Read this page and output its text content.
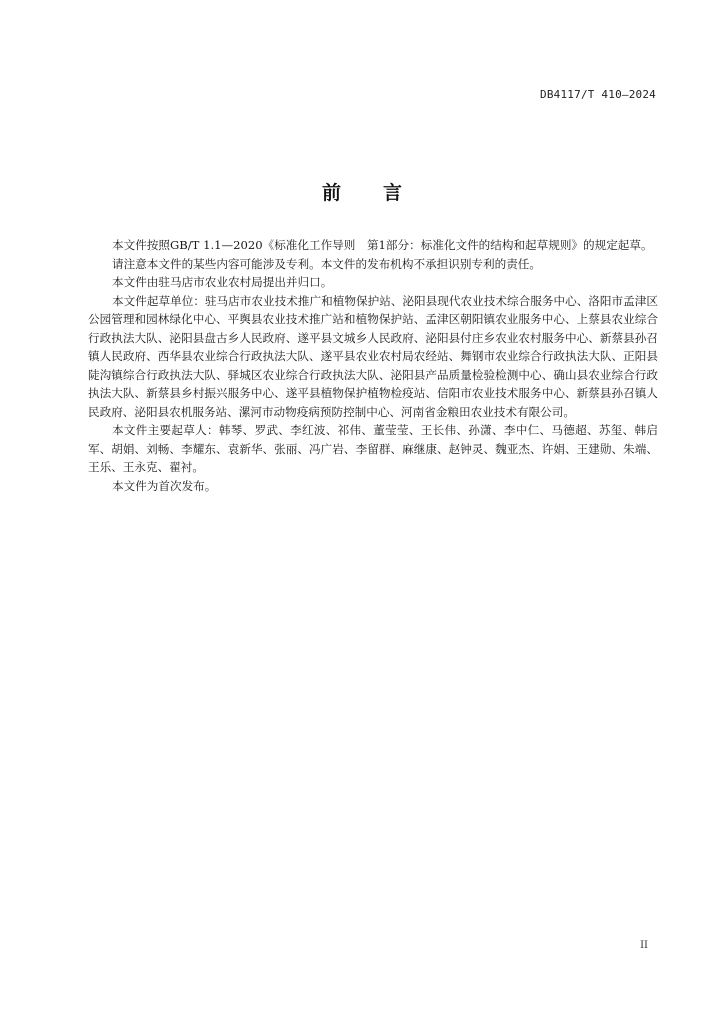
DB4117/T 410—2024
前言

本文件按照GB/T 1.1—2020《标准化工作导则　第1部分：标准化文件的结构和起草规则》的规定起草。

请注意本文件的某些内容可能涉及专利。本文件的发布机构不承担识别专利的责任。

本文件由驻马店市农业农村局提出并归口。

本文件起草单位：驻马店市农业技术推广和植物保护站、泌阳县现代农业技术综合服务中心、洛阳市孟津区公园管理和园林绿化中心、平舆县农业技术推广站和植物保护站、孟津区朝阳镇农业服务中心、上蔡县农业综合行政执法大队、泌阳县盘古乡人民政府、遂平县文城乡人民政府、泌阳县付庄乡农业农村服务中心、新蔡县孙召镇人民政府、西华县农业综合行政执法大队、遂平县农业农村局农经站、舞钢市农业综合行政执法大队、正阳县陡沟镇综合行政执法大队、驿城区农业综合行政执法大队、泌阳县产品质量检验检测中心、确山县农业综合行政执法大队、新蔡县乡村振兴服务中心、遂平县植物保护植物检疫站、信阳市农业技术服务中心、新蔡县孙召镇人民政府、泌阳县农机服务站、漯河市动物疫病预防控制中心、河南省金粮田农业技术有限公司。

本文件主要起草人：韩琴、罗武、李红波、祁伟、董莹莹、王长伟、孙潇、李中仁、马德超、苏玺、韩启军、胡娟、刘畅、李耀东、袁新华、张丽、冯广岩、李留群、麻继康、赵钟灵、魏亚杰、许娟、王建勋、朱端、王乐、王永克、翟衬。

本文件为首次发布。

II
